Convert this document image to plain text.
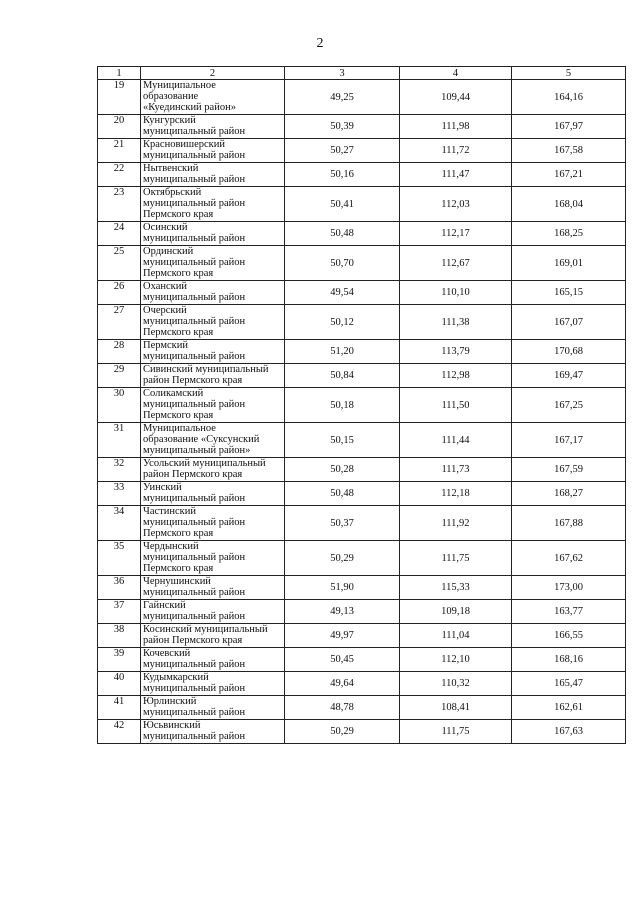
2
1	2	3	4	5
19	Муниципальное
образование
«Куединский район»	49,25	109,44	164,16
20	Кунгурский
муниципальный район	50,39	111,98	167,97
21	Красновишерский
муниципальный район	50,27	111,72	167,58
22	Нытвенский
муниципальный район	50,16	111,47	167,21
23	Октябрьский
муниципальный район
Пермского края	50,41	112,03	168,04
24	Осинский
муниципальный район	50,48	112,17	168,25
25	Ординский
муниципальный район
Пермского края	50,70	112,67	169,01
26	Оханский
муниципальный район	49,54	110,10	165,15
27	Очерский
муниципальный район
Пермского края	50,12	111,38	167,07
28	Пермский
муниципальный район	51,20	113,79	170,68
29	Сивинский муниципальный
район Пермского края	50,84	112,98	169,47
30	Соликамский
муниципальный район
Пермского края	50,18	111,50	167,25
31	Муниципальное
образование «Суксунский
муниципальный район»	50,15	111,44	167,17
32	Усольский муниципальный
район Пермского края	50,28	111,73	167,59
33	Уинский
муниципальный район	50,48	112,18	168,27
34	Частинский
муниципальный район
Пермского края	50,37	111,92	167,88
35	Чердынский
муниципальный район
Пермского края	50,29	111,75	167,62
36	Чернушинский
муниципальный район	51,90	115,33	173,00
37	Гайнский
муниципальный район	49,13	109,18	163,77
38	Косинский муниципальный
район Пермского края	49,97	111,04	166,55
39	Кочевский
муниципальный район	50,45	112,10	168,16
40	Кудымкарский
муниципальный район	49,64	110,32	165,47
41	Юрлинский
муниципальный район	48,78	108,41	162,61
42	Юсьвинский
муниципальный район	50,29	111,75	167,63
